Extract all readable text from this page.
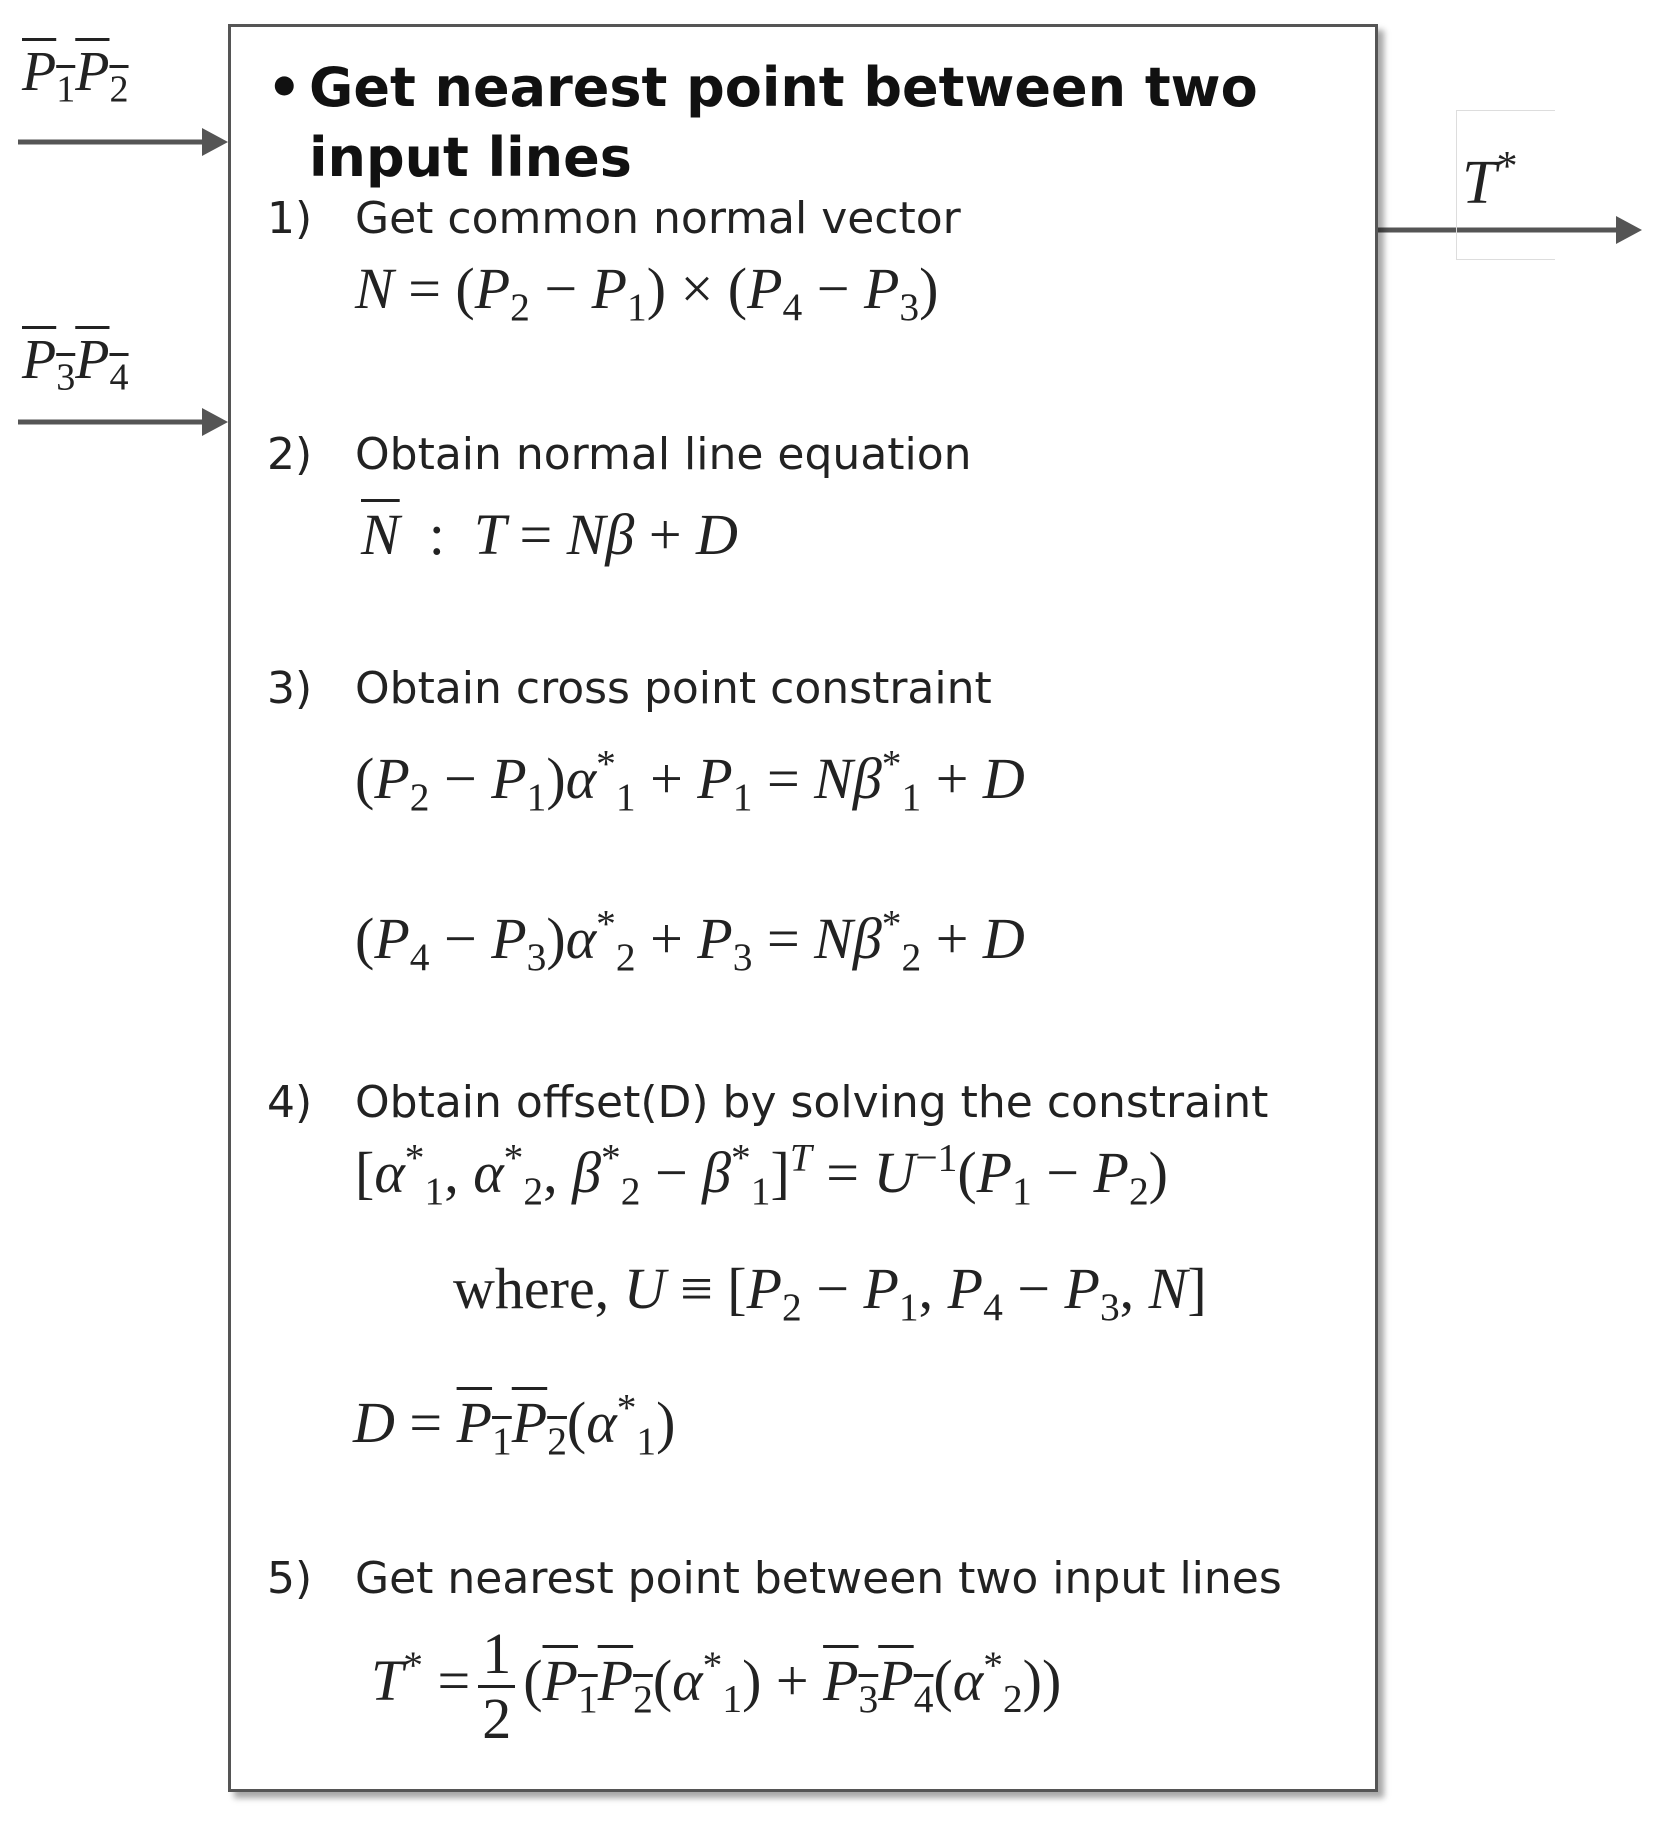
$P_1P_2$
$P_3P_4$
T*
• Get nearest point between two input lines
1) Get common normal vector
$N = (P_2 - P_1) \times (P_4 - P_3)$
2) Obtain normal line equation
$\overline{N}$  :  T = Nβ + D
3) Obtain cross point constraint
$(P_2 - P_1)\alpha^*_1 + P_1 = N\beta^*_1 + D$
$(P_4 - P_3)\alpha^*_2 + P_3 = N\beta^*_2 + D$
4) Obtain offset(D) by solving the constraint
[$\alpha^*_1$, $\alpha^*_2$, $\beta^*_2 - \beta^*_1]^T = U^{-1}(P_1 - P_2)$
where, $U \equiv [P_2 - P_1$, $P_4 - P_3$, N]
$D = P_1P_2(\alpha^*_1)$
5) Get nearest point between two input lines
$T^* = \frac{1}{2} (P_1P_2(\alpha^*_1) + P_3P_4(\alpha^*_2))$
